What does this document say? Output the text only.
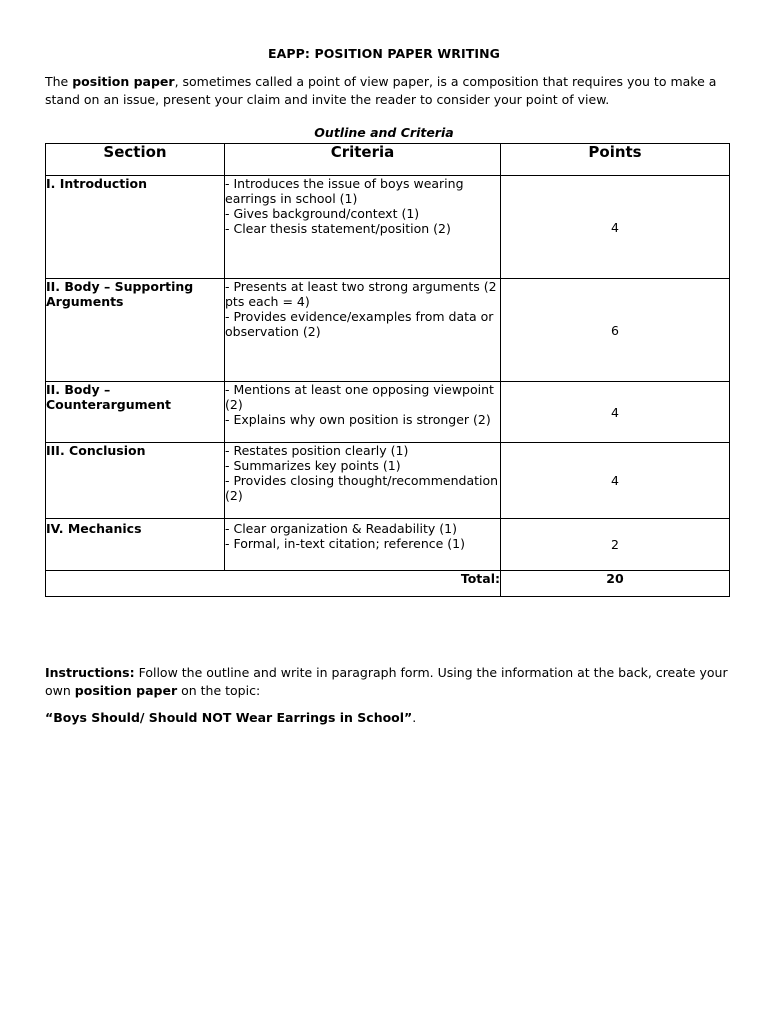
EAPP: POSITION PAPER WRITING
The position paper, sometimes called a point of view paper, is a composition that requires you to make a stand on an issue, present your claim and invite the reader to consider your point of view.
Outline and Criteria
Section	Criteria	Points
I. Introduction	- Introduces the issue of boys wearing earrings in school (1)
- Gives background/context (1)
- Clear thesis statement/position (2)	4
II. Body – Supporting Arguments	- Presents at least two strong arguments (2 pts each = 4)
- Provides evidence/examples from data or observation (2)	6
II. Body – Counterargument	- Mentions at least one opposing viewpoint (2)
- Explains why own position is stronger (2)	4
III. Conclusion	- Restates position clearly (1)
- Summarizes key points (1)
- Provides closing thought/recommendation (2)	4
IV. Mechanics	- Clear organization & Readability (1)
- Formal, in-text citation; reference (1)	2
Total:		20
Instructions: Follow the outline and write in paragraph form. Using the information at the back, create your own position paper on the topic:
“Boys Should/ Should NOT Wear Earrings in School”.
